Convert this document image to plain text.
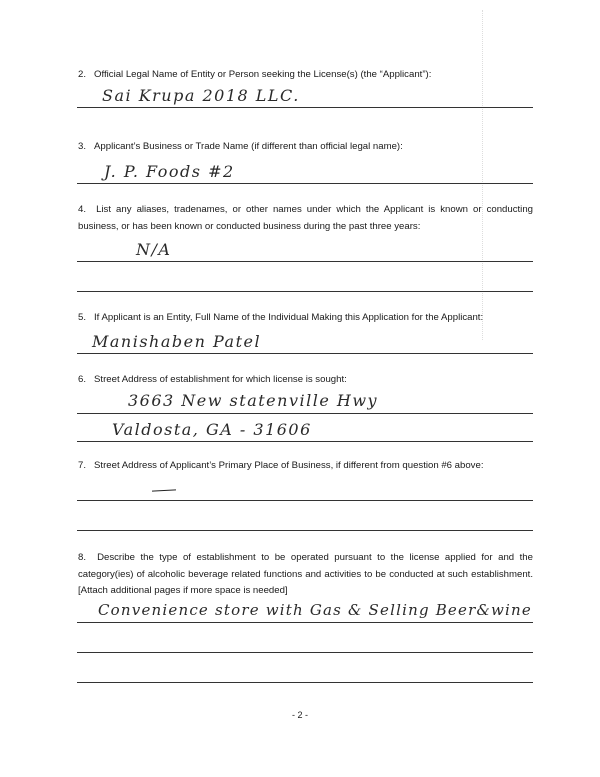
2. Official Legal Name of Entity or Person seeking the License(s) (the “Applicant”):
Sai Krupa 2018 LLC.
3. Applicant’s Business or Trade Name (if different than official legal name):
J. P. Foods #2
4. List any aliases, tradenames, or other names under which the Applicant is known or conducting business, or has been known or conducted business during the past three years:
N/A
5. If Applicant is an Entity, Full Name of the Individual Making this Application for the Applicant:
Manishaben Patel
6. Street Address of establishment for which license is sought:
3663 New statenville Hwy
Valdosta, GA - 31606
7. Street Address of Applicant’s Primary Place of Business, if different from question #6 above:
8. Describe the type of establishment to be operated pursuant to the license applied for and the category(ies) of alcoholic beverage related functions and activities to be conducted at such establishment. [Attach additional pages if more space is needed]
Convenience store with Gas & Selling Beer&wine
- 2 -
